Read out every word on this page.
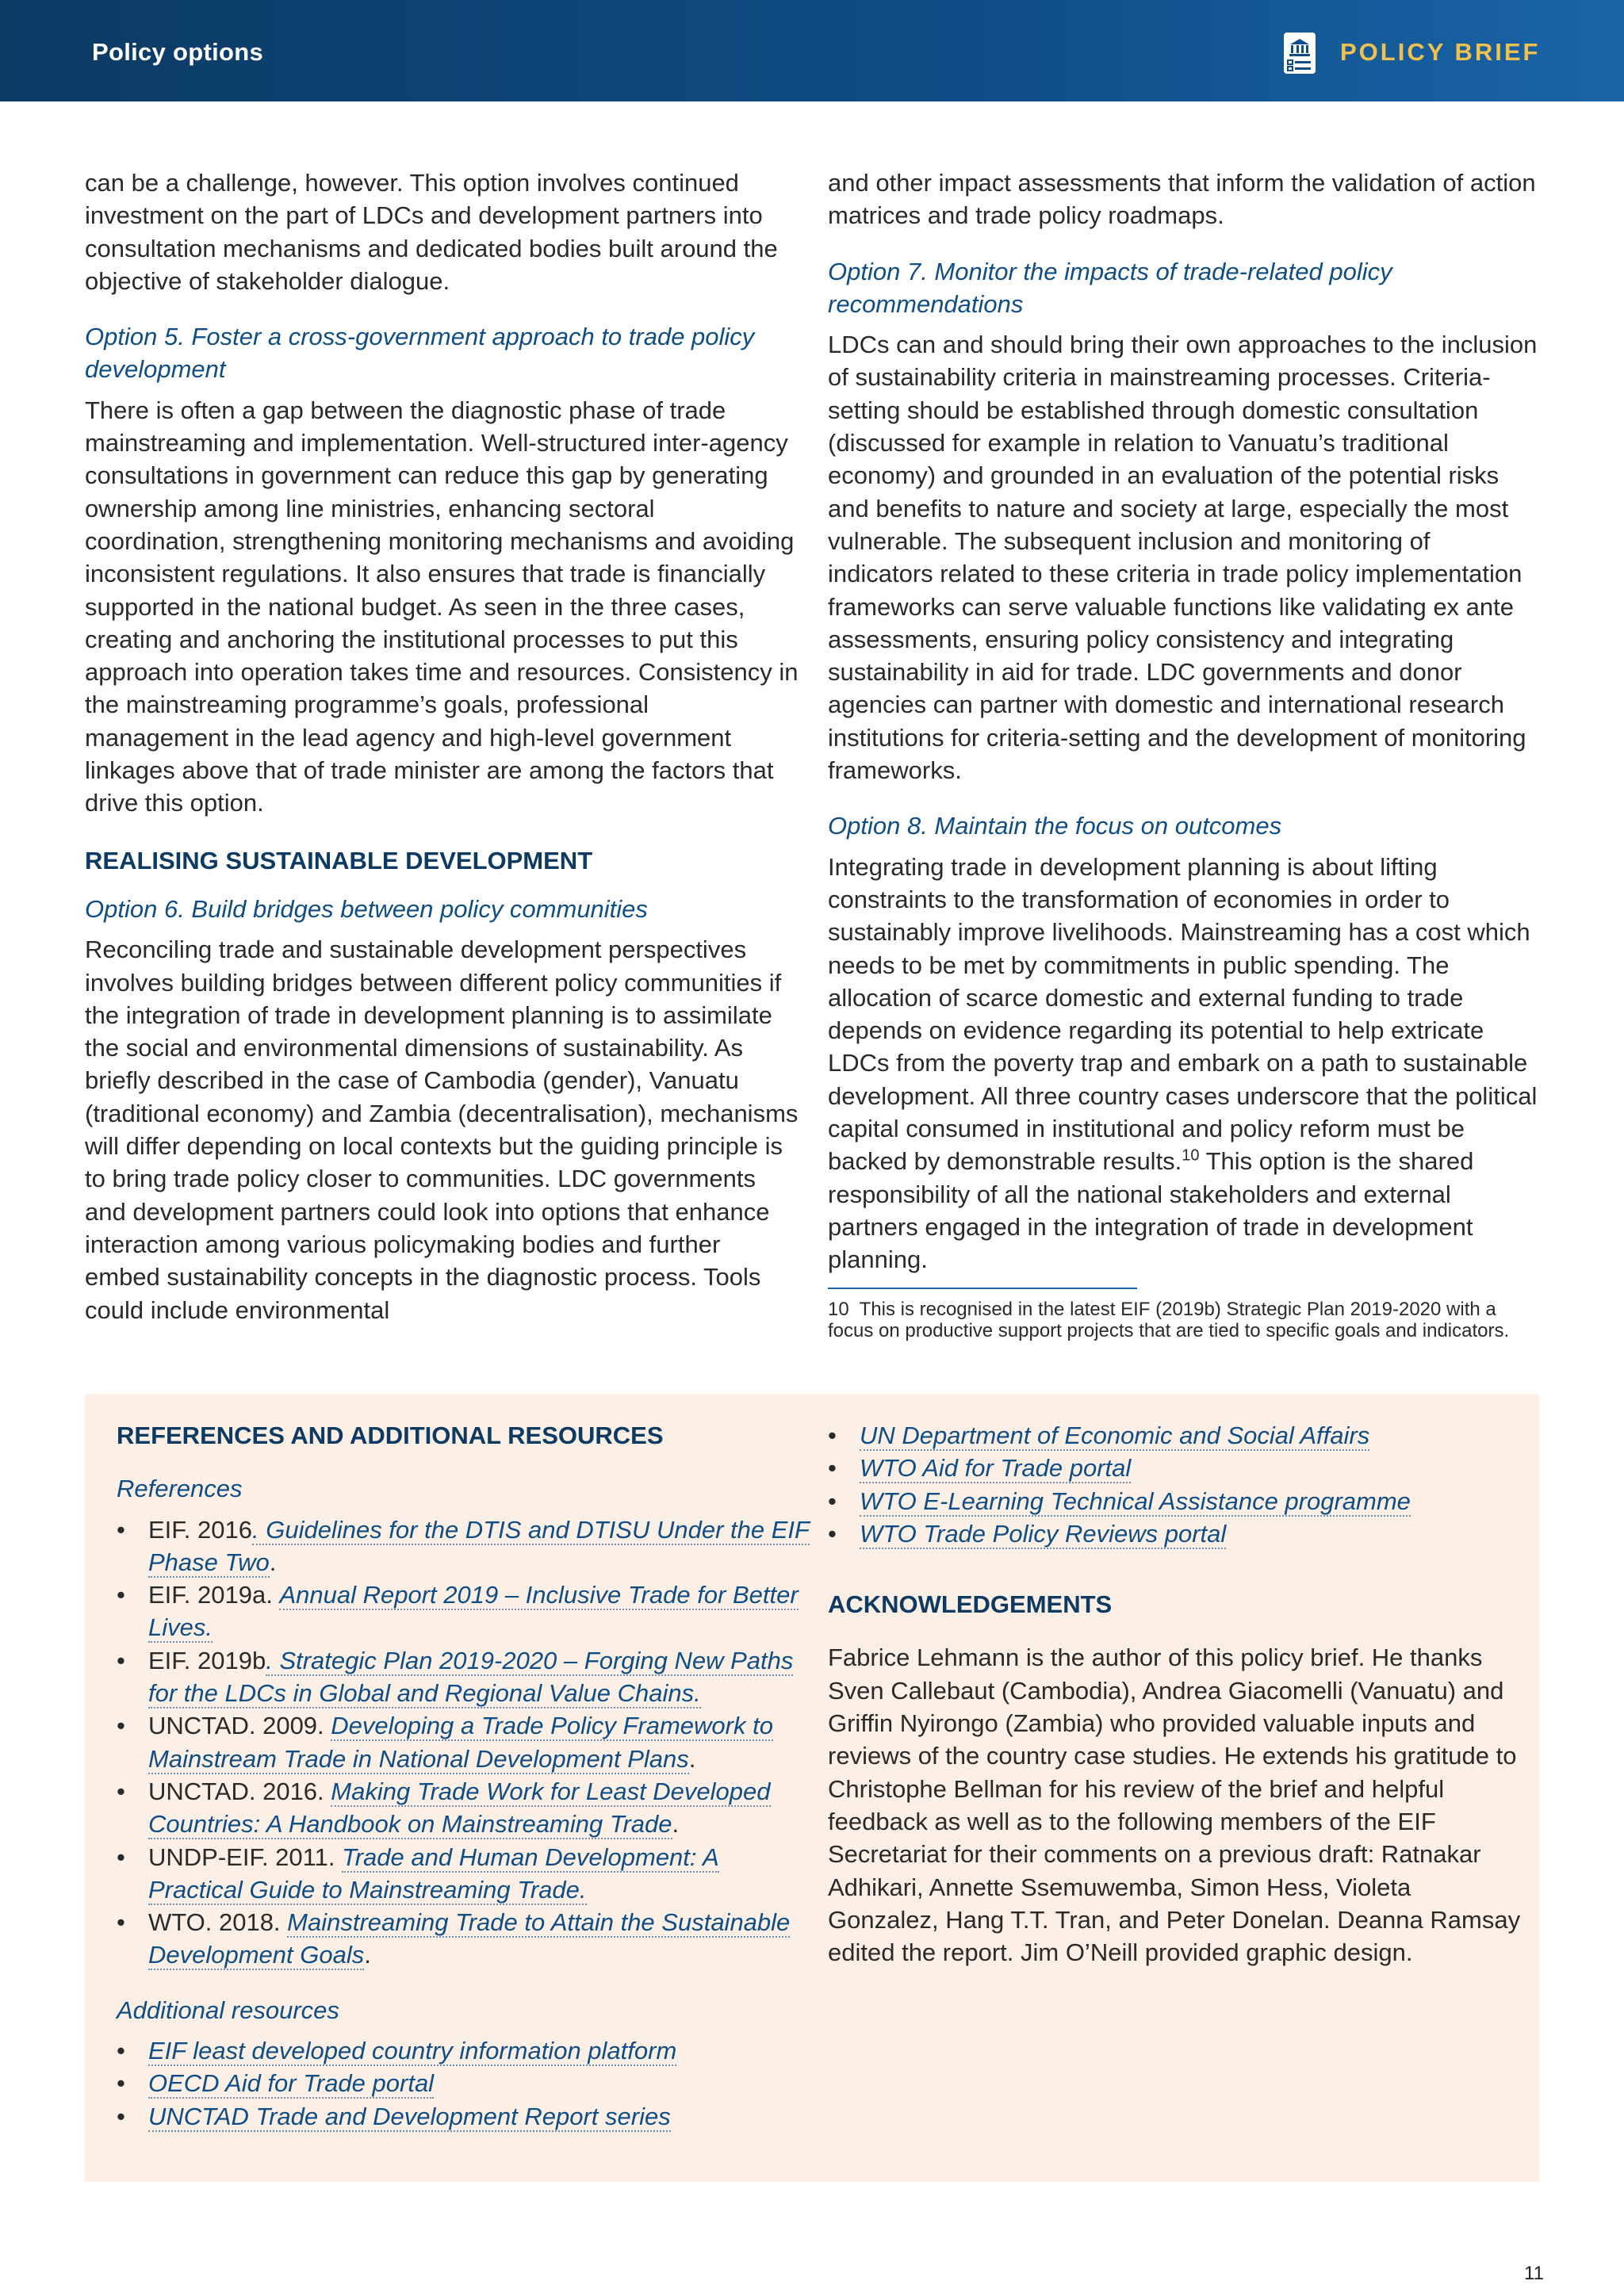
Policy options	POLICY BRIEF

can be a challenge, however. This option involves continued investment on the part of LDCs and development partners into consultation mechanisms and dedicated bodies built around the objective of stakeholder dialogue.

Option 5. Foster a cross-government approach to trade policy development

There is often a gap between the diagnostic phase of trade mainstreaming and implementation. Well-structured inter-agency consultations in government can reduce this gap by generating ownership among line ministries, enhancing sectoral coordination, strengthening monitoring mechanisms and avoiding inconsistent regulations. It also ensures that trade is financially supported in the national budget. As seen in the three cases, creating and anchoring the institutional processes to put this approach into operation takes time and resources. Consistency in the mainstreaming programme’s goals, professional management in the lead agency and high-level government linkages above that of trade minister are among the factors that drive this option.

REALISING SUSTAINABLE DEVELOPMENT
Option 6. Build bridges between policy communities

Reconciling trade and sustainable development perspectives involves building bridges between different policy communities if the integration of trade in development planning is to assimilate the social and environmental dimensions of sustainability. As briefly described in the case of Cambodia (gender), Vanuatu (traditional economy) and Zambia (decentralisation), mechanisms will differ depending on local contexts but the guiding principle is to bring trade policy closer to communities. LDC governments and development partners could look into options that enhance interaction among various policymaking bodies and further embed sustainability concepts in the diagnostic process. Tools could include environmental

and other impact assessments that inform the validation of action matrices and trade policy roadmaps.

Option 7. Monitor the impacts of trade-related policy recommendations

LDCs can and should bring their own approaches to the inclusion of sustainability criteria in mainstreaming processes. Criteria-setting should be established through domestic consultation (discussed for example in relation to Vanuatu’s traditional economy) and grounded in an evaluation of the potential risks and benefits to nature and society at large, especially the most vulnerable. The subsequent inclusion and monitoring of indicators related to these criteria in trade policy implementation frameworks can serve valuable functions like validating ex ante assessments, ensuring policy consistency and integrating sustainability in aid for trade. LDC governments and donor agencies can partner with domestic and international research institutions for criteria-setting and the development of monitoring frameworks.

Option 8. Maintain the focus on outcomes

Integrating trade in development planning is about lifting constraints to the transformation of economies in order to sustainably improve livelihoods. Mainstreaming has a cost which needs to be met by commitments in public spending. The allocation of scarce domestic and external funding to trade depends on evidence regarding its potential to help extricate LDCs from the poverty trap and embark on a path to sustainable development. All three country cases underscore that the political capital consumed in institutional and policy reform must be backed by demonstrable results.$^{10}$ This option is the shared responsibility of all the national stakeholders and external partners engaged in the integration of trade in development planning.

10 This is recognised in the latest EIF (2019b) Strategic Plan 2019-2020 with a focus on productive support projects that are tied to specific goals and indicators.
REFERENCES AND ADDITIONAL RESOURCES
References
• EIF. 2016. Guidelines for the DTIS and DTISU Under the EIF Phase Two.
• EIF. 2019a. Annual Report 2019 – Inclusive Trade for Better Lives.
• EIF. 2019b. Strategic Plan 2019-2020 – Forging New Paths for the LDCs in Global and Regional Value Chains.
• UNCTAD. 2009. Developing a Trade Policy Framework to Mainstream Trade in National Development Plans.
• UNCTAD. 2016. Making Trade Work for Least Developed Countries: A Handbook on Mainstreaming Trade.
• UNDP-EIF. 2011. Trade and Human Development: A Practical Guide to Mainstreaming Trade.
• WTO. 2018. Mainstreaming Trade to Attain the Sustainable Development Goals.
Additional resources
• EIF least developed country information platform
• OECD Aid for Trade portal
• UNCTAD Trade and Development Report series
• UN Department of Economic and Social Affairs
• WTO Aid for Trade portal
• WTO E-Learning Technical Assistance programme
• WTO Trade Policy Reviews portal
ACKNOWLEDGEMENTS

Fabrice Lehmann is the author of this policy brief. He thanks Sven Callebaut (Cambodia), Andrea Giacomelli (Vanuatu) and Griffin Nyirongo (Zambia) who provided valuable inputs and reviews of the country case studies. He extends his gratitude to Christophe Bellman for his review of the brief and helpful feedback as well as to the following members of the EIF Secretariat for their comments on a previous draft: Ratnakar Adhikari, Annette Ssemuwemba, Simon Hess, Violeta Gonzalez, Hang T.T. Tran, and Peter Donelan. Deanna Ramsay edited the report. Jim O’Neill provided graphic design.

11
